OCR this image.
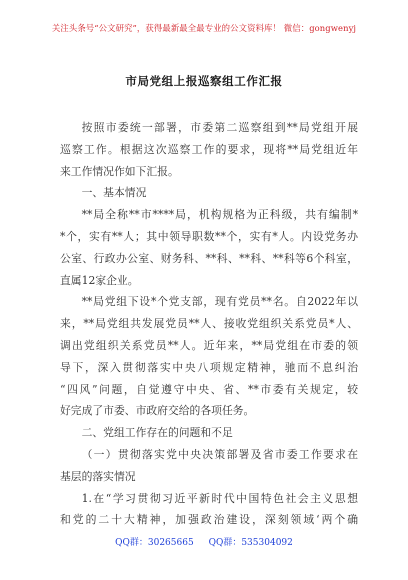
关注头条号“公文研究”，获得最新最全最专业的公文资料库！ 微信：gongwenyj
市局党组上报巡察组工作汇报
按照市委统一部署，市委第二巡察组到**局党组开展
巡察工作。根据这次巡察工作的要求，现将**局党组近年
来工作情况作如下汇报。
一、基本情况
**局全称**市****局，机构规格为正科级，共有编制*
*个，实有**人；其中领导职数**个，实有*人。内设党务办
公室、行政办公室、财务科、**科、**科、**科等6个科室，
直属12家企业。
**局党组下设*个党支部，现有党员**名。自2022年以
来，**局党组共发展党员**人、接收党组织关系党员*人、
调出党组织关系党员**人。近年来，**局党组在市委的领
导下，深入贯彻落实中央八项规定精神，驰而不息纠治
“四风”问题，自觉遵守中央、省、**市委有关规定，较
好完成了市委、市政府交给的各项任务。
二、党组工作存在的问题和不足
（一）贯彻落实党中央决策部署及省市委工作要求在
基层的落实情况
1.在“学习贯彻习近平新时代中国特色社会主义思想
和党的二十大精神，加强政治建设，深刻领域‘两个确
QQ群：30265665 QQ群：535304092
